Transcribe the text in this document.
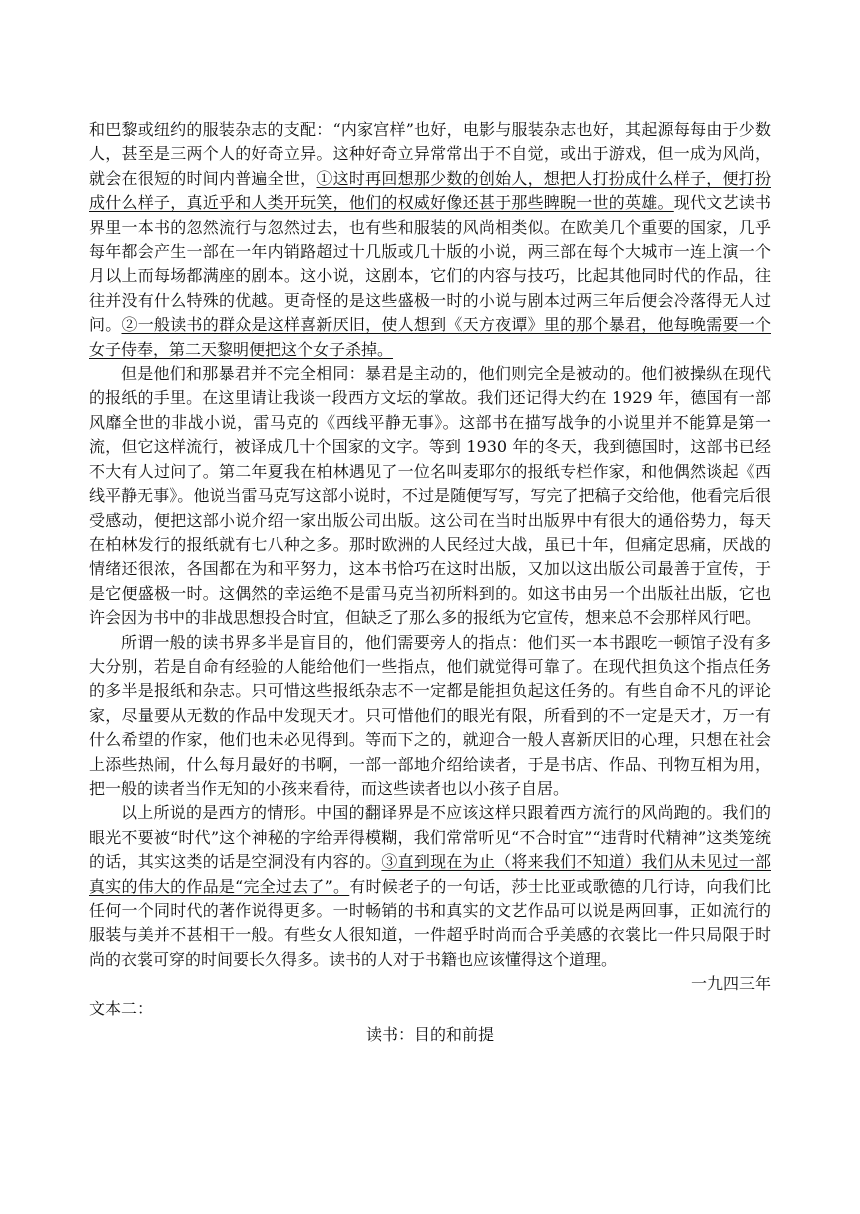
和巴黎或纽约的服装杂志的支配：“内家宫样”也好，电影与服装杂志也好，其起源每每由于少数人，甚至是三两个人的好奇立异。这种好奇立异常常出于不自觉，或出于游戏，但一成为风尚，就会在很短的时间内普遍全世，①这时再回想那少数的创始人，想把人打扮成什么样子，便打扮成什么样子，真近乎和人类开玩笑，他们的权威好像还甚于那些睥睨一世的英雄。现代文艺读书界里一本书的忽然流行与忽然过去，也有些和服装的风尚相类似。在欧美几个重要的国家，几乎每年都会产生一部在一年内销路超过十几版或几十版的小说，两三部在每个大城市一连上演一个月以上而每场都满座的剧本。这小说，这剧本，它们的内容与技巧，比起其他同时代的作品，往往并没有什么特殊的优越。更奇怪的是这些盛极一时的小说与剧本过两三年后便会冷落得无人过问。②一般读书的群众是这样喜新厌旧，使人想到《天方夜谭》里的那个暴君，他每晚需要一个女子侍奉，第二天黎明便把这个女子杀掉。

但是他们和那暴君并不完全相同：暴君是主动的，他们则完全是被动的。他们被操纵在现代的报纸的手里。在这里请让我谈一段西方文坛的掌故。我们还记得大约在 1929 年，德国有一部风靡全世的非战小说，雷马克的《西线平静无事》。这部书在描写战争的小说里并不能算是第一流，但它这样流行，被译成几十个国家的文字。等到 1930 年的冬天，我到德国时，这部书已经不大有人过问了。第二年夏我在柏林遇见了一位名叫麦耶尔的报纸专栏作家，和他偶然谈起《西线平静无事》。他说当雷马克写这部小说时，不过是随便写写，写完了把稿子交给他，他看完后很受感动，便把这部小说介绍一家出版公司出版。这公司在当时出版界中有很大的通俗势力，每天在柏林发行的报纸就有七八种之多。那时欧洲的人民经过大战，虽已十年，但痛定思痛，厌战的情绪还很浓，各国都在为和平努力，这本书恰巧在这时出版，又加以这出版公司最善于宣传，于是它便盛极一时。这偶然的幸运绝不是雷马克当初所料到的。如这书由另一个出版社出版，它也许会因为书中的非战思想投合时宜，但缺乏了那么多的报纸为它宣传，想来总不会那样风行吧。

所谓一般的读书界多半是盲目的，他们需要旁人的指点：他们买一本书跟吃一顿馆子没有多大分别，若是自命有经验的人能给他们一些指点，他们就觉得可靠了。在现代担负这个指点任务的多半是报纸和杂志。只可惜这些报纸杂志不一定都是能担负起这任务的。有些自命不凡的评论家，尽量要从无数的作品中发现天才。只可惜他们的眼光有限，所看到的不一定是天才，万一有什么希望的作家，他们也未必见得到。等而下之的，就迎合一般人喜新厌旧的心理，只想在社会上添些热闹，什么每月最好的书啊，一部一部地介绍给读者，于是书店、作品、刊物互相为用，把一般的读者当作无知的小孩来看待，而这些读者也以小孩子自居。

以上所说的是西方的情形。中国的翻译界是不应该这样只跟着西方流行的风尚跑的。我们的眼光不要被“时代”这个神秘的字给弄得模糊，我们常常听见“不合时宜”“违背时代精神”这类笼统的话，其实这类的话是空洞没有内容的。③直到现在为止（将来我们不知道）我们从未见过一部真实的伟大的作品是“完全过去了”。有时候老子的一句话，莎士比亚或歌德的几行诗，向我们比任何一个同时代的著作说得更多。一时畅销的书和真实的文艺作品可以说是两回事，正如流行的服装与美并不甚相干一般。有些女人很知道，一件超乎时尚而合乎美感的衣裳比一件只局限于时尚的衣裳可穿的时间要长久得多。读书的人对于书籍也应该懂得这个道理。

一九四三年

文本二：

读书：目的和前提
